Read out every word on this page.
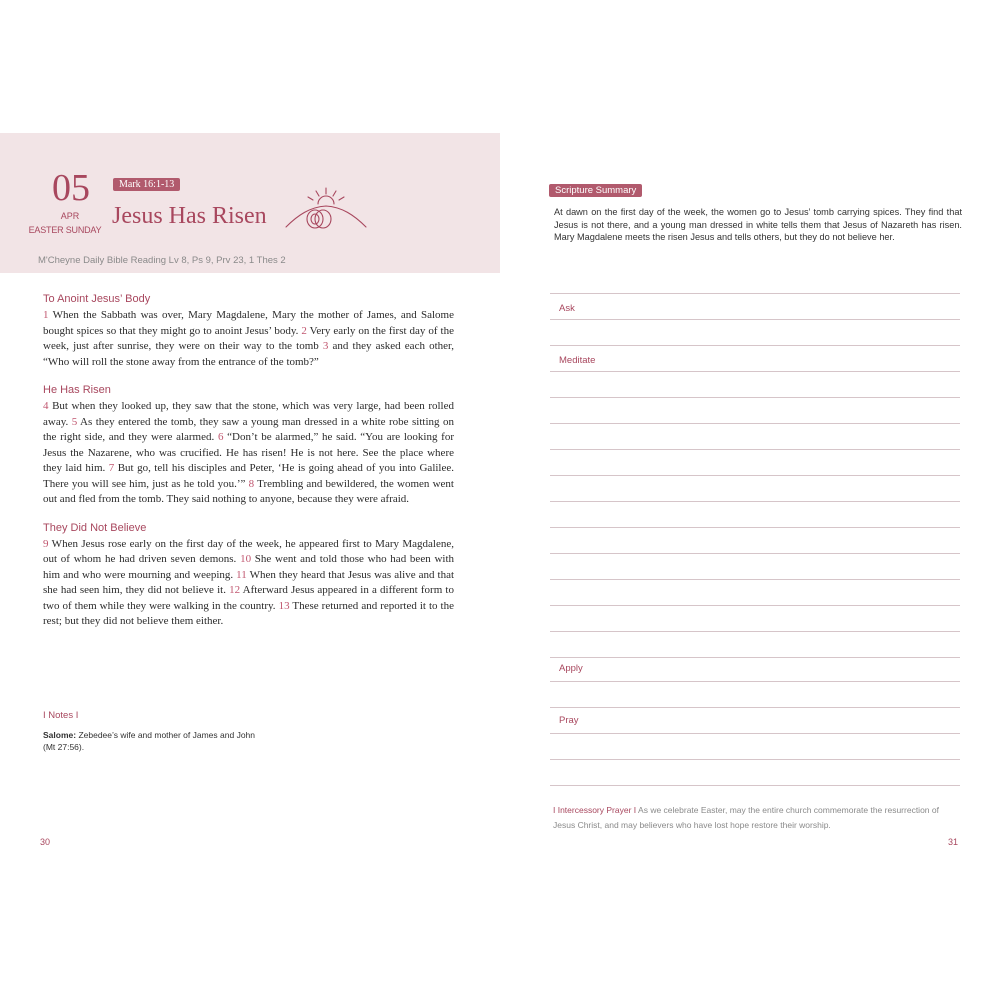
05
APR
EASTER SUNDAY
Mark 16:1-13
Jesus Has Risen
M'Cheyne Daily Bible Reading Lv 8, Ps 9, Prv 23, 1 Thes 2
To Anoint Jesus’ Body
1 When the Sabbath was over, Mary Magdalene, Mary the mother of James, and Salome bought spices so that they might go to anoint Jesus’ body. 2 Very early on the first day of the week, just after sunrise, they were on their way to the tomb 3 and they asked each other, “Who will roll the stone away from the entrance of the tomb?”
He Has Risen
4 But when they looked up, they saw that the stone, which was very large, had been rolled away. 5 As they entered the tomb, they saw a young man dressed in a white robe sitting on the right side, and they were alarmed. 6 “Don’t be alarmed,” he said. “You are looking for Jesus the Nazarene, who was crucified. He has risen! He is not here. See the place where they laid him. 7 But go, tell his disciples and Peter, ‘He is going ahead of you into Galilee. There you will see him, just as he told you.’” 8 Trembling and bewildered, the women went out and fled from the tomb. They said nothing to anyone, because they were afraid.
They Did Not Believe
9 When Jesus rose early on the first day of the week, he appeared first to Mary Magdalene, out of whom he had driven seven demons. 10 She went and told those who had been with him and who were mourning and weeping. 11 When they heard that Jesus was alive and that she had seen him, they did not believe it. 12 Afterward Jesus appeared in a different form to two of them while they were walking in the country. 13 These returned and reported it to the rest; but they did not believe them either.
I Notes I
Salome: Zebedee’s wife and mother of James and John (Mt 27:56).
30
Scripture Summary
At dawn on the first day of the week, the women go to Jesus’ tomb carrying spices. They find that Jesus is not there, and a young man dressed in white tells them that Jesus of Nazareth has risen. Mary Magdalene meets the risen Jesus and tells others, but they do not believe her.
Ask
Meditate
Apply
Pray
I Intercessory Prayer I As we celebrate Easter, may the entire church commemorate the resurrection of Jesus Christ, and may believers who have lost hope restore their worship.
31
